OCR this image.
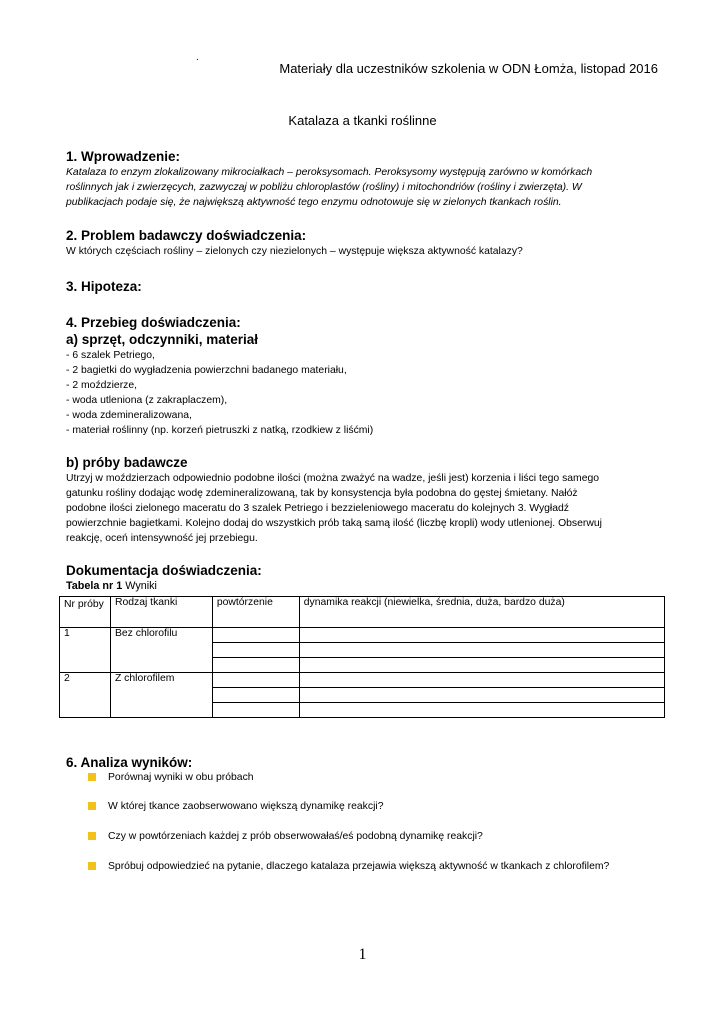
.
Materiały dla uczestników szkolenia w ODN Łomża, listopad 2016
Katalaza a tkanki roślinne
1. Wprowadzenie:
Katalaza to enzym zlokalizowany mikrociałkach – peroksysomach. Peroksysomy występują zarówno w komórkach
roślinnych jak i zwierzęcych, zazwyczaj w pobliżu chloroplastów (rośliny) i mitochondriów (rośliny i zwierzęta). W
publikacjach podaje się, że największą aktywność tego enzymu odnotowuje się w zielonych tkankach roślin.
2. Problem badawczy doświadczenia:
W których częściach rośliny – zielonych czy niezielonych – występuje większa aktywność katalazy?
3. Hipoteza:
4. Przebieg doświadczenia:
a) sprzęt, odczynniki, materiał
- 6 szalek Petriego,
- 2 bagietki do wygładzenia powierzchni badanego materiału,
- 2 moździerze,
- woda utleniona (z zakraplaczem),
- woda zdemineralizowana,
- materiał roślinny (np. korzeń pietruszki z natką, rzodkiew z liśćmi)
b) próby badawcze
Utrzyj w moździerzach odpowiednio podobne ilości (można zważyć na wadze, jeśli jest) korzenia i liści tego samego
gatunku rośliny dodając wodę zdemineralizowaną, tak by konsystencja była podobna do gęstej śmietany. Nałóż
podobne ilości zielonego maceratu do 3 szalek Petriego i bezzieleniowego maceratu do kolejnych 3. Wygładź
powierzchnie bagietkami. Kolejno dodaj do wszystkich prób taką samą ilość (liczbę kropli) wody utlenionej. Obserwuj
reakcję, oceń intensywność jej przebiegu.
Dokumentacja doświadczenia:
Tabela nr 1 Wyniki
Nr próby	Rodzaj tkanki	powtórzenie	dynamika reakcji (niewielka, średnia, duża, bardzo duża)
1	Bez chlorofilu		

2	Z chlorofilem		

6. Analiza wyników:
Porównaj wyniki w obu próbach
W której tkance zaobserwowano większą dynamikę reakcji?
Czy w powtórzeniach każdej z prób obserwowałaś/eś podobną dynamikę reakcji?
Spróbuj odpowiedzieć na pytanie, dlaczego katalaza przejawia większą aktywność w tkankach z chlorofilem?
1
